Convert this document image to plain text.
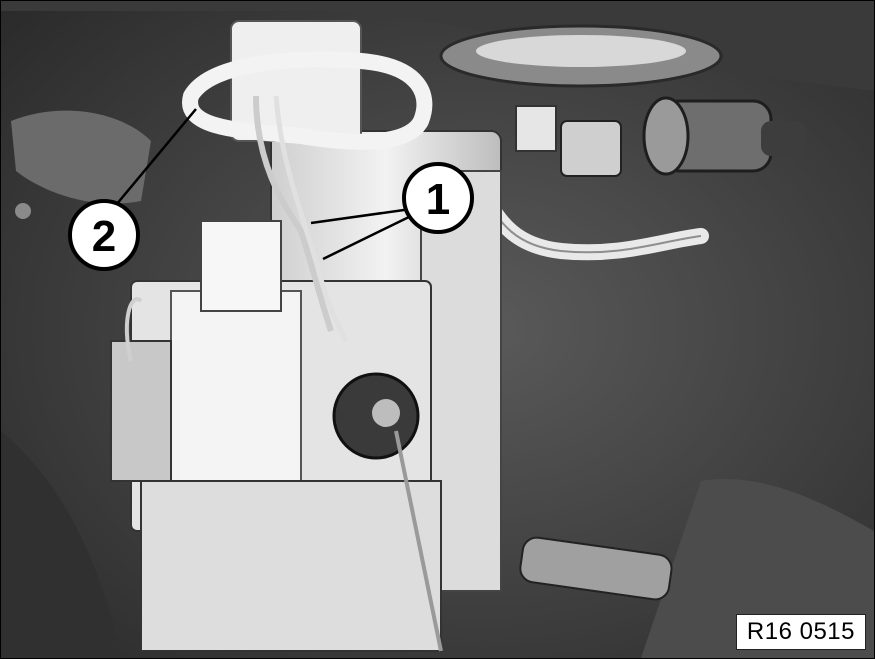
1
2
R16 0515
